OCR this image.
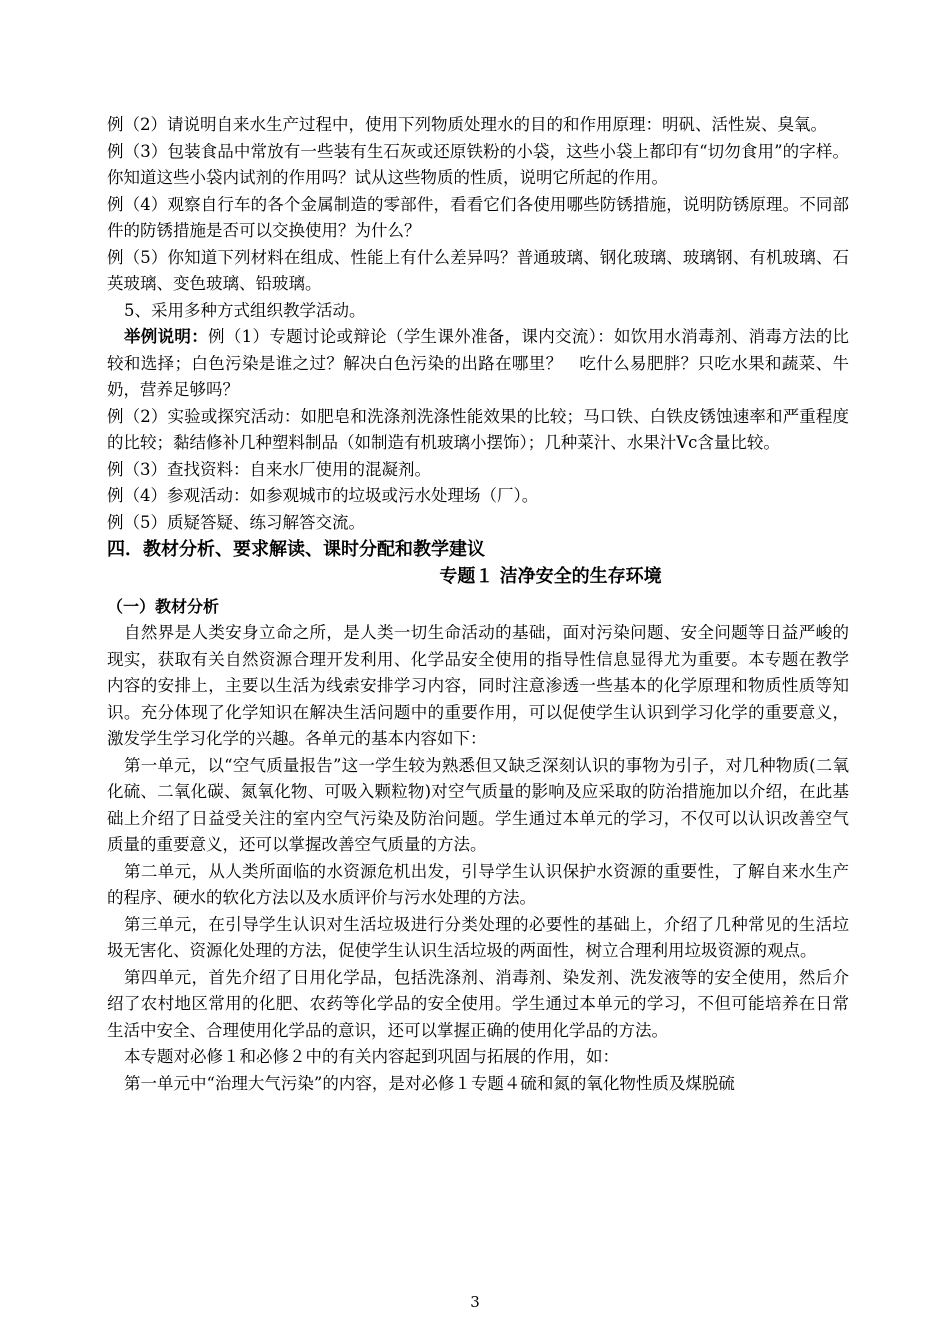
例（2）请说明自来水生产过程中，使用下列物质处理水的目的和作用原理：明矾、活性炭、臭氧。

例（3）包装食品中常放有一些装有生石灰或还原铁粉的小袋，这些小袋上都印有“切勿食用”的字样。你知道这些小袋内试剂的作用吗？试从这些物质的性质，说明它所起的作用。

例（4）观察自行车的各个金属制造的零部件，看看它们各使用哪些防锈措施，说明防锈原理。不同部件的防锈措施是否可以交换使用？为什么？

例（5）你知道下列材料在组成、性能上有什么差异吗？普通玻璃、钢化玻璃、玻璃钢、有机玻璃、石英玻璃、变色玻璃、铅玻璃。

5、采用多种方式组织教学活动。

举例说明：例（1）专题讨论或辩论（学生课外准备，课内交流）：如饮用水消毒剂、消毒方法的比较和选择；白色污染是谁之过？解决白色污染的出路在哪里？　吃什么易肥胖？只吃水果和蔬菜、牛奶，营养足够吗？

例（2）实验或探究活动：如肥皂和洗涤剂洗涤性能效果的比较；马口铁、白铁皮锈蚀速率和严重程度的比较；黏结修补几种塑料制品（如制造有机玻璃小摆饰）；几种菜汁、水果汁Vc含量比较。

例（3）查找资料：自来水厂使用的混凝剂。

例（4）参观活动：如参观城市的垃圾或污水处理场（厂）。

例（5）质疑答疑、练习解答交流。

四．教材分析、要求解读、课时分配和教学建议

专题１ 洁净安全的生存环境

（一）教材分析

自然界是人类安身立命之所，是人类一切生命活动的基础，面对污染问题、安全问题等日益严峻的现实，获取有关自然资源合理开发利用、化学品安全使用的指导性信息显得尤为重要。本专题在教学内容的安排上，主要以生活为线索安排学习内容，同时注意渗透一些基本的化学原理和物质性质等知识。充分体现了化学知识在解决生活问题中的重要作用，可以促使学生认识到学习化学的重要意义，激发学生学习化学的兴趣。各单元的基本内容如下：

第一单元，以“空气质量报告”这一学生较为熟悉但又缺乏深刻认识的事物为引子，对几种物质(二氧化硫、二氧化碳、氮氧化物、可吸入颗粒物)对空气质量的影响及应采取的防治措施加以介绍，在此基础上介绍了日益受关注的室内空气污染及防治问题。学生通过本单元的学习，不仅可以认识改善空气质量的重要意义，还可以掌握改善空气质量的方法。

第二单元，从人类所面临的水资源危机出发，引导学生认识保护水资源的重要性，了解自来水生产的程序、硬水的软化方法以及水质评价与污水处理的方法。

第三单元，在引导学生认识对生活垃圾进行分类处理的必要性的基础上，介绍了几种常见的生活垃圾无害化、资源化处理的方法，促使学生认识生活垃圾的两面性，树立合理利用垃圾资源的观点。

第四单元，首先介绍了日用化学品，包括洗涤剂、消毒剂、染发剂、洗发液等的安全使用，然后介绍了农村地区常用的化肥、农药等化学品的安全使用。学生通过本单元的学习，不但可能培养在日常生活中安全、合理使用化学品的意识，还可以掌握正确的使用化学品的方法。

本专题对必修１和必修２中的有关内容起到巩固与拓展的作用，如：

第一单元中“治理大气污染”的内容，是对必修１专题４硫和氮的氧化物性质及煤脱硫

3
